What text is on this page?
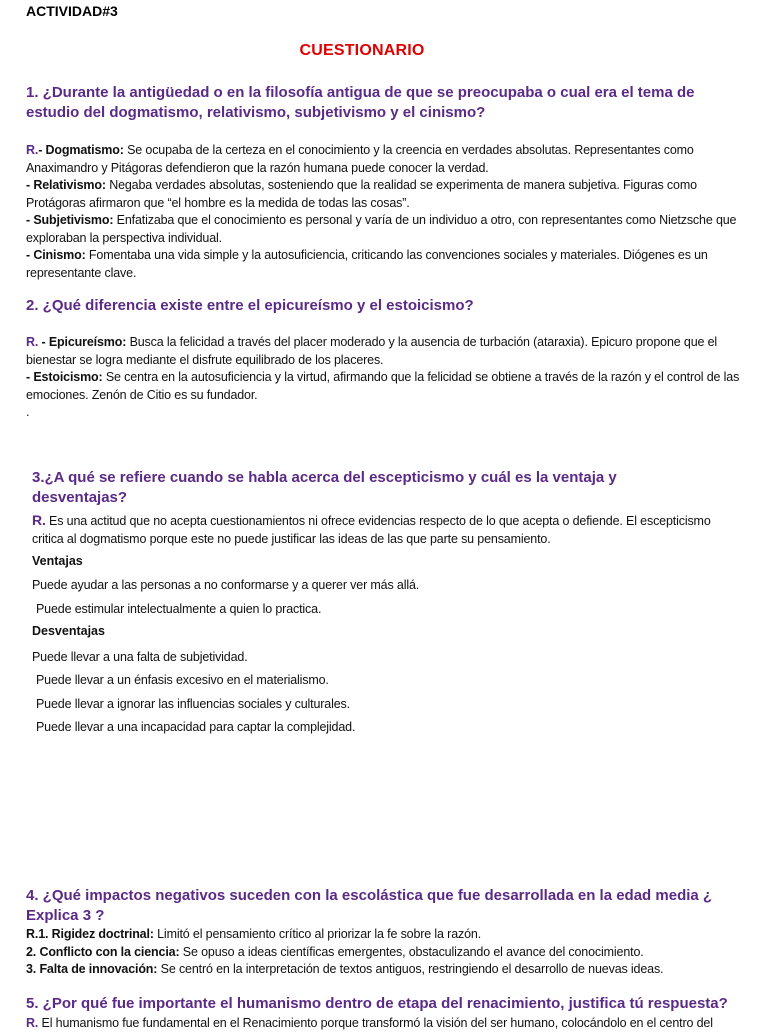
ACTIVIDAD#3
CUESTIONARIO
1. ¿Durante la antigüedad o en la filosofía antigua de que se preocupaba o cual era el tema de estudio del dogmatismo, relativismo, subjetivismo y el cinismo?
R.- Dogmatismo: Se ocupaba de la certeza en el conocimiento y la creencia en verdades absolutas. Representantes como Anaximandro y Pitágoras defendieron que la razón humana puede conocer la verdad.
- Relativismo: Negaba verdades absolutas, sosteniendo que la realidad se experimenta de manera subjetiva. Figuras como Protágoras afirmaron que “el hombre es la medida de todas las cosas”.
- Subjetivismo: Enfatizaba que el conocimiento es personal y varía de un individuo a otro, con representantes como Nietzsche que exploraban la perspectiva individual.
- Cinismo: Fomentaba una vida simple y la autosuficiencia, criticando las convenciones sociales y materiales. Diógenes es un representante clave.
2. ¿Qué diferencia existe entre el epicureísmo y el estoicismo?
R. - Epicureísmo: Busca la felicidad a través del placer moderado y la ausencia de turbación (ataraxia). Epicuro propone que el bienestar se logra mediante el disfrute equilibrado de los placeres.
- Estoicismo: Se centra en la autosuficiencia y la virtud, afirmando que la felicidad se obtiene a través de la razón y el control de las emociones. Zenón de Citio es su fundador.
.
3.¿A qué se refiere cuando se habla acerca del escepticismo y cuál es la ventaja y desventajas?
R. Es una actitud que no acepta cuestionamientos ni ofrece evidencias respecto de lo que acepta o defiende. El escepticismo critica al dogmatismo porque este no puede justificar las ideas de las que parte su pensamiento.
Ventajas
Puede ayudar a las personas a no conformarse y a querer ver más allá.
Puede estimular intelectualmente a quien lo practica.
Desventajas
Puede llevar a una falta de subjetividad.
Puede llevar a un énfasis excesivo en el materialismo.
Puede llevar a ignorar las influencias sociales y culturales.
Puede llevar a una incapacidad para captar la complejidad.
4. ¿Qué impactos negativos suceden con la escolástica que fue desarrollada en la edad media ¿ Explica 3 ?
R.1. Rigidez doctrinal: Limitó el pensamiento crítico al priorizar la fe sobre la razón.
2. Conflicto con la ciencia: Se opuso a ideas científicas emergentes, obstaculizando el avance del conocimiento.
3. Falta de innovación: Se centró en la interpretación de textos antiguos, restringiendo el desarrollo de nuevas ideas.
5. ¿Por qué fue importante el humanismo dentro de etapa del renacimiento, justifica tú respuesta?
R. El humanismo fue fundamental en el Renacimiento porque transformó la visión del ser humano, colocándolo en el centro del
